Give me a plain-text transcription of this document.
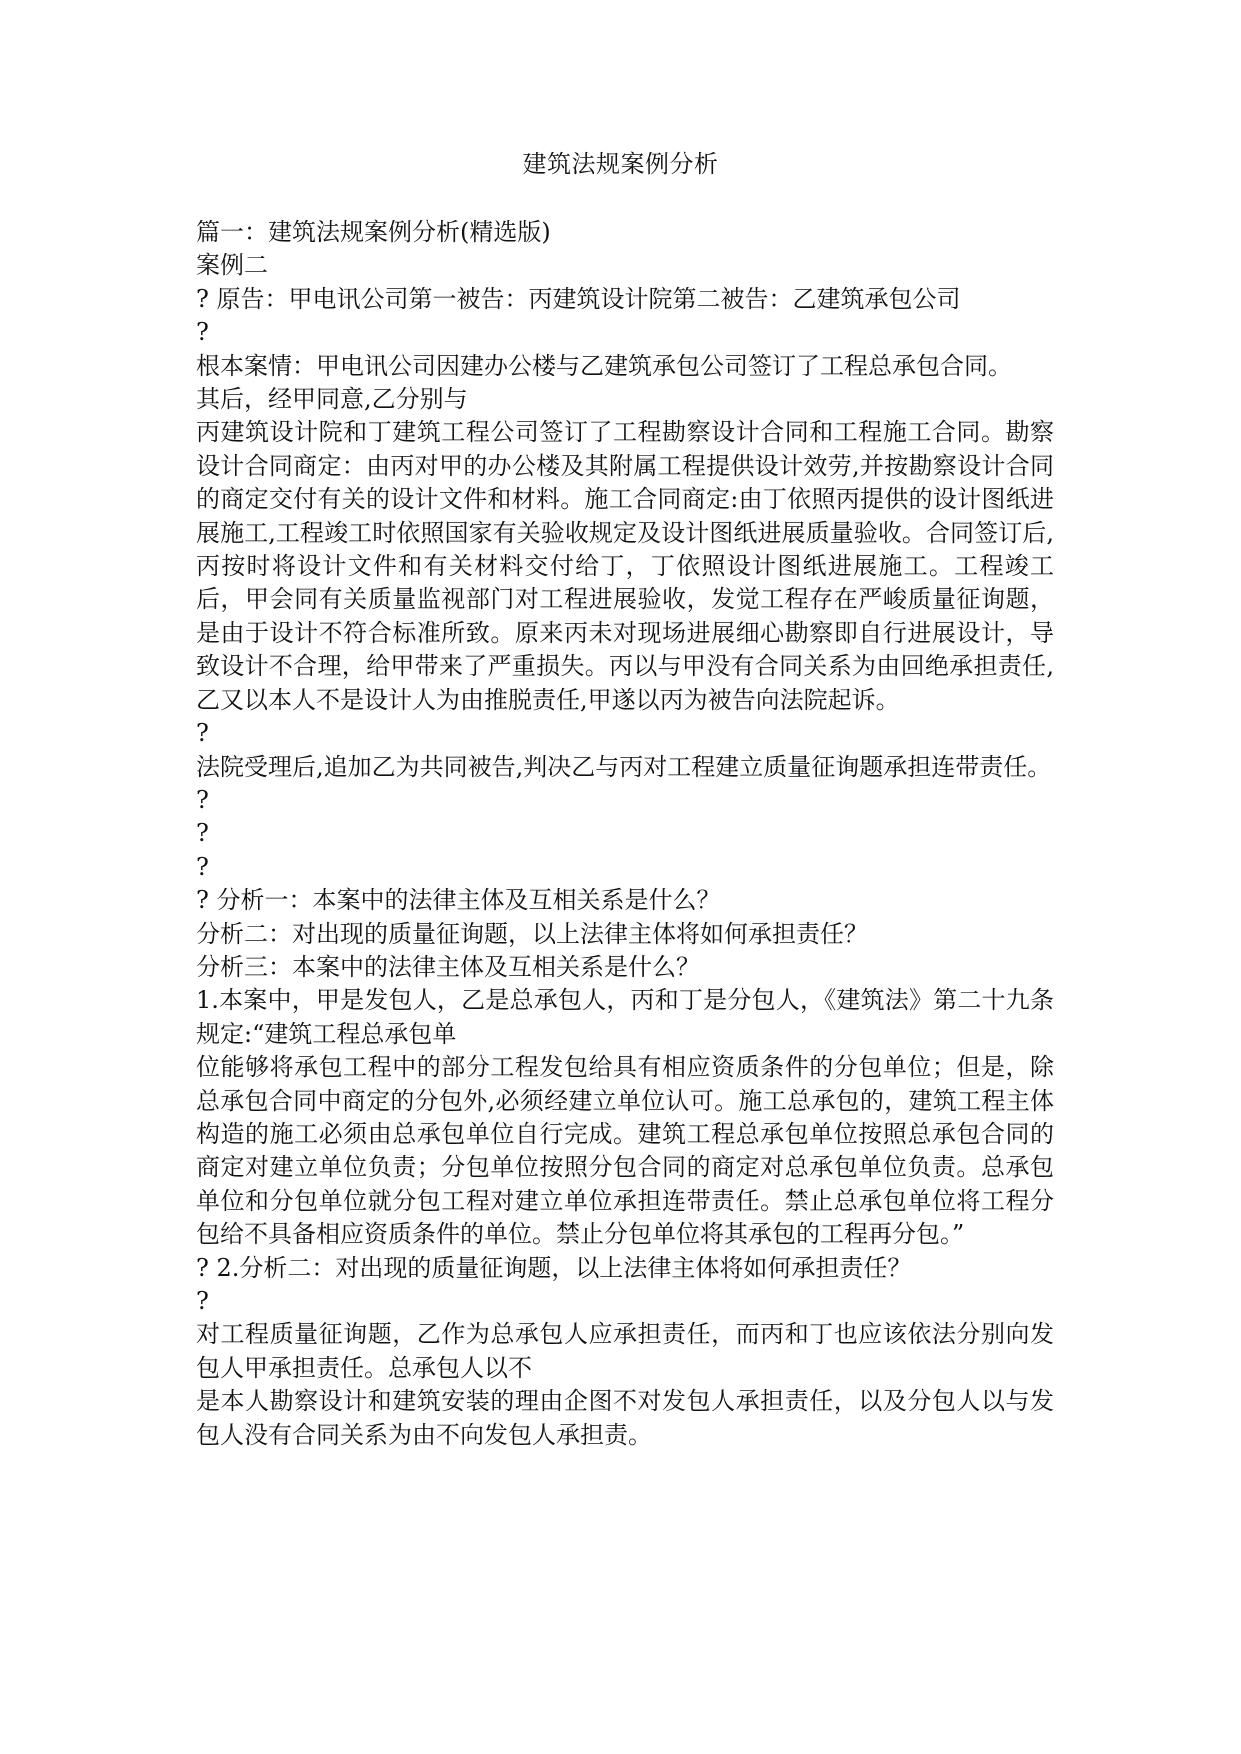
建筑法规案例分析

篇一：建筑法规案例分析(精选版)

案例二

? 原告：甲电讯公司第一被告：丙建筑设计院第二被告：乙建筑承包公司

?

根本案情：甲电讯公司因建办公楼与乙建筑承包公司签订了工程总承包合同。

其后，经甲同意,乙分别与

丙建筑设计院和丁建筑工程公司签订了工程勘察设计合同和工程施工合同。勘察设计合同商定：由丙对甲的办公楼及其附属工程提供设计效劳,并按勘察设计合同的商定交付有关的设计文件和材料。施工合同商定:由丁依照丙提供的设计图纸进展施工,工程竣工时依照国家有关验收规定及设计图纸进展质量验收。合同签订后,丙按时将设计文件和有关材料交付给丁，丁依照设计图纸进展施工。工程竣工后，甲会同有关质量监视部门对工程进展验收，发觉工程存在严峻质量征询题，是由于设计不符合标准所致。原来丙未对现场进展细心勘察即自行进展设计，导致设计不合理，给甲带来了严重损失。丙以与甲没有合同关系为由回绝承担责任,乙又以本人不是设计人为由推脱责任,甲遂以丙为被告向法院起诉。

?

法院受理后,追加乙为共同被告,判决乙与丙对工程建立质量征询题承担连带责任。

?

?

?

? 分析一：本案中的法律主体及互相关系是什么？

分析二：对出现的质量征询题，以上法律主体将如何承担责任？

分析三：本案中的法律主体及互相关系是什么？

1.本案中，甲是发包人，乙是总承包人，丙和丁是分包人，《建筑法》第二十九条规定:“建筑工程总承包单

位能够将承包工程中的部分工程发包给具有相应资质条件的分包单位；但是，除总承包合同中商定的分包外,必须经建立单位认可。施工总承包的，建筑工程主体构造的施工必须由总承包单位自行完成。建筑工程总承包单位按照总承包合同的商定对建立单位负责；分包单位按照分包合同的商定对总承包单位负责。总承包单位和分包单位就分包工程对建立单位承担连带责任。禁止总承包单位将工程分包给不具备相应资质条件的单位。禁止分包单位将其承包的工程再分包。”

? 2.分析二：对出现的质量征询题，以上法律主体将如何承担责任？

?

对工程质量征询题，乙作为总承包人应承担责任，而丙和丁也应该依法分别向发包人甲承担责任。总承包人以不

是本人勘察设计和建筑安装的理由企图不对发包人承担责任，以及分包人以与发包人没有合同关系为由不向发包人承担责。
